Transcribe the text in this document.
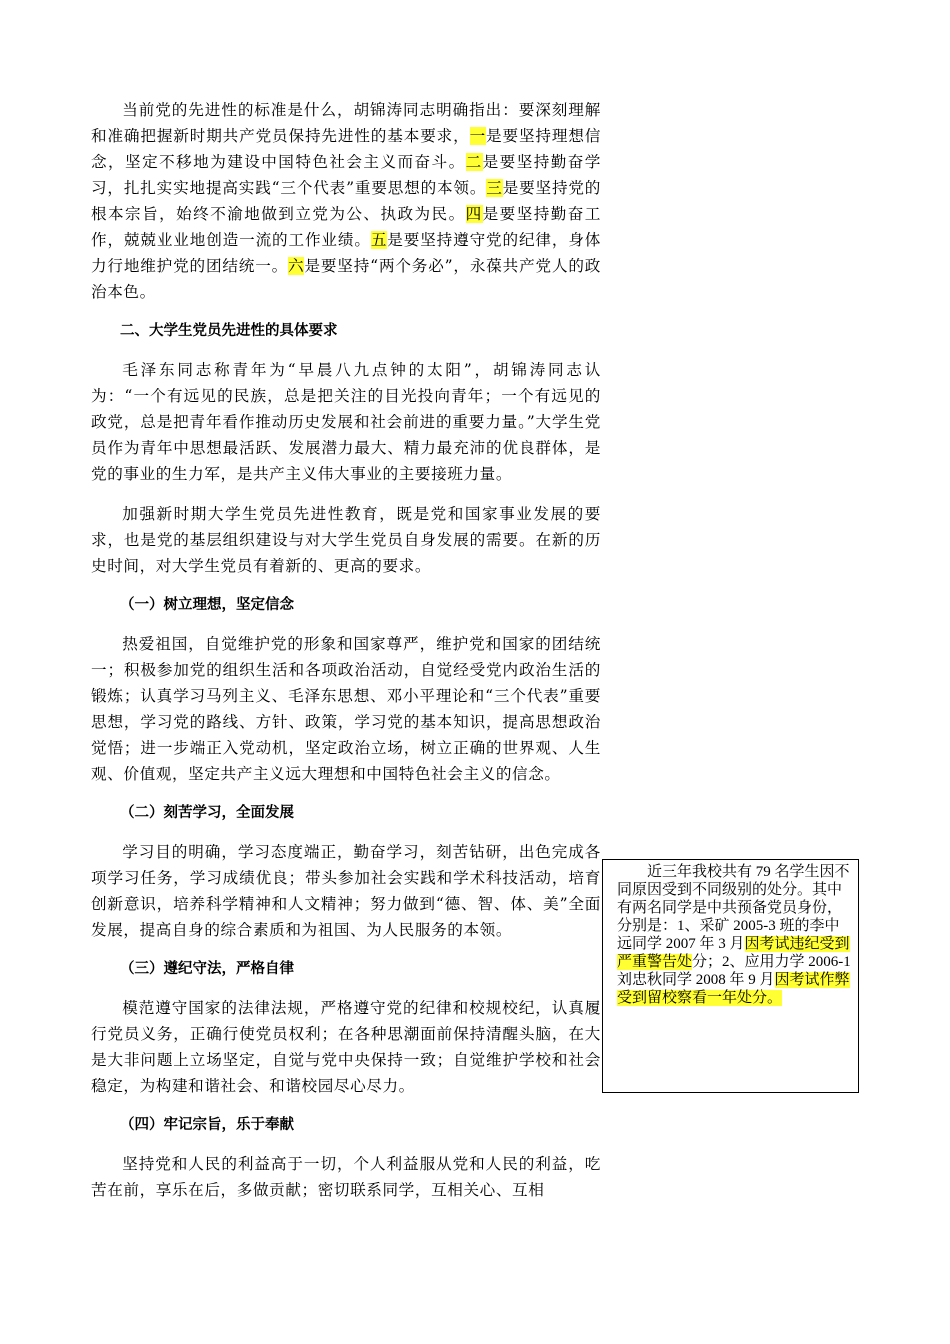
当前党的先进性的标准是什么，胡锦涛同志明确指出：要深刻理解和准确把握新时期共产党员保持先进性的基本要求，一是要坚持理想信念，坚定不移地为建设中国特色社会主义而奋斗。二是要坚持勤奋学习，扎扎实实地提高实践“三个代表”重要思想的本领。三是要坚持党的根本宗旨，始终不渝地做到立党为公、执政为民。四是要坚持勤奋工作，兢兢业业地创造一流的工作业绩。五是要坚持遵守党的纪律，身体力行地维护党的团结统一。六是要坚持“两个务必”，永葆共产党人的政治本色。

二、大学生党员先进性的具体要求

毛泽东同志称青年为“早晨八九点钟的太阳”，胡锦涛同志认为：“一个有远见的民族，总是把关注的目光投向青年；一个有远见的政党，总是把青年看作推动历史发展和社会前进的重要力量。”大学生党员作为青年中思想最活跃、发展潜力最大、精力最充沛的优良群体，是党的事业的生力军，是共产主义伟大事业的主要接班力量。

加强新时期大学生党员先进性教育，既是党和国家事业发展的要求，也是党的基层组织建设与对大学生党员自身发展的需要。在新的历史时间，对大学生党员有着新的、更高的要求。

（一）树立理想，坚定信念

热爱祖国，自觉维护党的形象和国家尊严，维护党和国家的团结统一；积极参加党的组织生活和各项政治活动，自觉经受党内政治生活的锻炼；认真学习马列主义、毛泽东思想、邓小平理论和“三个代表”重要思想，学习党的路线、方针、政策，学习党的基本知识，提高思想政治觉悟；进一步端正入党动机，坚定政治立场，树立正确的世界观、人生观、价值观，坚定共产主义远大理想和中国特色社会主义的信念。

（二）刻苦学习，全面发展

学习目的明确，学习态度端正，勤奋学习，刻苦钻研，出色完成各项学习任务，学习成绩优良；带头参加社会实践和学术科技活动，培育创新意识，培养科学精神和人文精神；努力做到“德、智、体、美”全面发展，提高自身的综合素质和为祖国、为人民服务的本领。

（三）遵纪守法，严格自律

模范遵守国家的法律法规，严格遵守党的纪律和校规校纪，认真履行党员义务，正确行使党员权利；在各种思潮面前保持清醒头脑，在大是大非问题上立场坚定，自觉与党中央保持一致；自觉维护学校和社会稳定，为构建和谐社会、和谐校园尽心尽力。

（四）牢记宗旨，乐于奉献

坚持党和人民的利益高于一切，个人利益服从党和人民的利益，吃苦在前，享乐在后，多做贡献；密切联系同学，互相关心、互相

近三年我校共有 79 名学生因不同原因受到不同级别的处分。其中有两名同学是中共预备党员身份，分别是：1、采矿 2005-3 班的李中远同学 2007 年 3 月因考试违纪受到严重警告处分；2、应用力学 2006-1 刘忠秋同学 2008 年 9 月因考试作弊受到留校察看一年处分。
